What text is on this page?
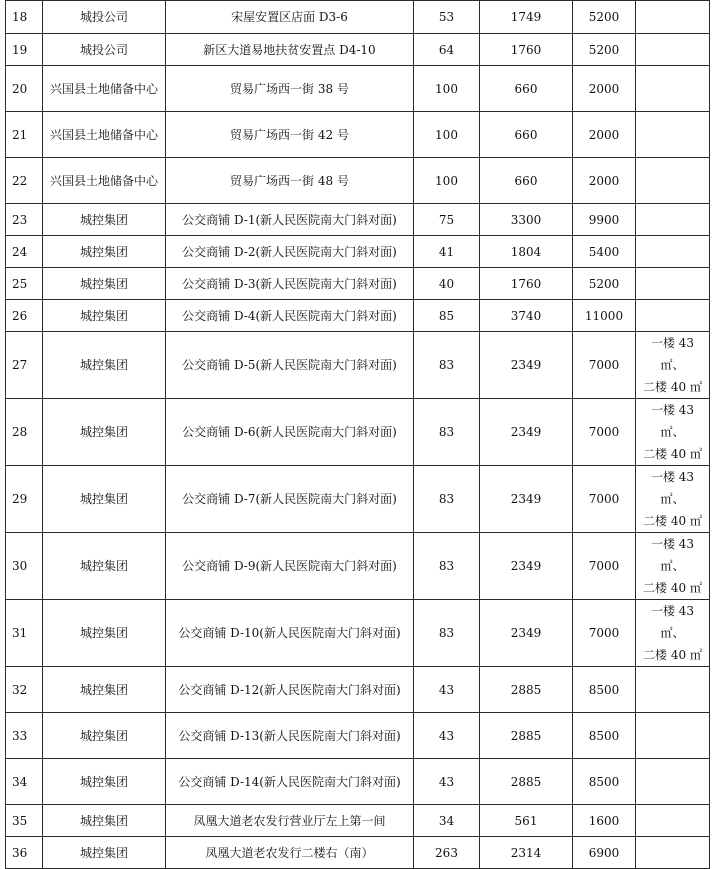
18	城投公司	宋屋安置区店面 D3-6	53	1749	5200	

19	城投公司	新区大道易地扶贫安置点 D4-10	64	1760	5200	

20	兴国县土地储备中心	贸易广场西一街 38 号	100	660	2000	

21	兴国县土地储备中心	贸易广场西一街 42 号	100	660	2000	

22	兴国县土地储备中心	贸易广场西一街 48 号	100	660	2000	

23	城控集团	公交商铺 D-1(新人民医院南大门斜对面)	75	3300	9900	

24	城控集团	公交商铺 D-2(新人民医院南大门斜对面)	41	1804	5400	

25	城控集团	公交商铺 D-3(新人民医院南大门斜对面)	40	1760	5200	

26	城控集团	公交商铺 D-4(新人民医院南大门斜对面)	85	3740	11000	

27	城控集团	公交商铺 D-5(新人民医院南大门斜对面)	83	2349	7000	一楼 43 ㎡、
二楼 40 ㎡

28	城控集团	公交商铺 D-6(新人民医院南大门斜对面)	83	2349	7000	一楼 43 ㎡、
二楼 40 ㎡

29	城控集团	公交商铺 D-7(新人民医院南大门斜对面)	83	2349	7000	一楼 43 ㎡、
二楼 40 ㎡

30	城控集团	公交商铺 D-9(新人民医院南大门斜对面)	83	2349	7000	一楼 43 ㎡、
二楼 40 ㎡

31	城控集团	公交商铺 D-10(新人民医院南大门斜对面)	83	2349	7000	一楼 43 ㎡、
二楼 40 ㎡

32	城控集团	公交商铺 D-12(新人民医院南大门斜对面)	43	2885	8500	

33	城控集团	公交商铺 D-13(新人民医院南大门斜对面)	43	2885	8500	

34	城控集团	公交商铺 D-14(新人民医院南大门斜对面)	43	2885	8500	

35	城控集团	凤凰大道老农发行营业厅左上第一间	34	561	1600	

36	城控集团	凤凰大道老农发行二楼右（南）	263	2314	6900	
